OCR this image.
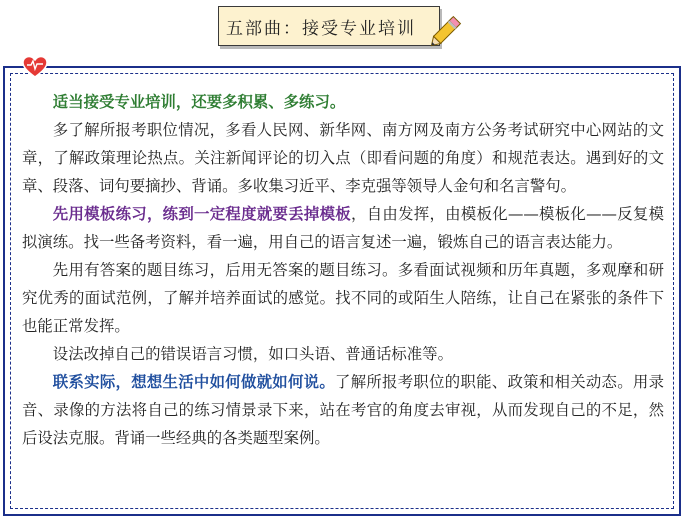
五部曲：接受专业培训

适当接受专业培训，还要多积累、多练习。

多了解所报考职位情况，多看人民网、新华网、南方网及南方公务考试研究中心网站的文章，了解政策理论热点。关注新闻评论的切入点（即看问题的角度）和规范表达。遇到好的文章、段落、词句要摘抄、背诵。多收集习近平、李克强等领导人金句和名言警句。

先用模板练习，练到一定程度就要丢掉模板，自由发挥，由模板化——模板化——反复模拟演练。找一些备考资料，看一遍，用自己的语言复述一遍，锻炼自己的语言表达能力。

先用有答案的题目练习，后用无答案的题目练习。多看面试视频和历年真题，多观摩和研究优秀的面试范例，了解并培养面试的感觉。找不同的或陌生人陪练，让自己在紧张的条件下也能正常发挥。

设法改掉自己的错误语言习惯，如口头语、普通话标准等。

联系实际，想想生活中如何做就如何说。了解所报考职位的职能、政策和相关动态。用录音、录像的方法将自己的练习情景录下来，站在考官的角度去审视，从而发现自己的不足，然后设法克服。背诵一些经典的各类题型案例。
